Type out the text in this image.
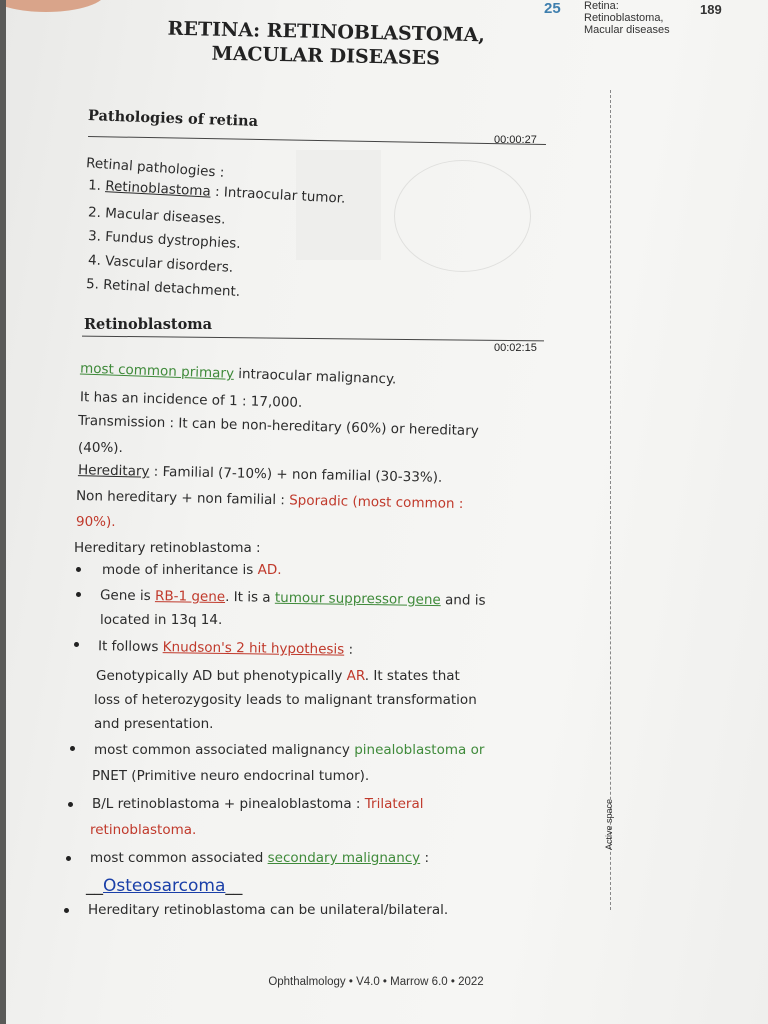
25 Retina:
Retinoblastoma,
Macular diseases
189
RETINA: RETINOBLASTOMA,
MACULAR DISEASES
Pathologies of retina
00:00:27
Retinal pathologies :
1. Retinoblastoma : Intraocular tumor.
2. Macular diseases.
3. Fundus dystrophies.
4. Vascular disorders.
5. Retinal detachment.
Retinoblastoma
00:02:15
most common primary intraocular malignancy.
It has an incidence of 1 : 17,000.
Transmission : It can be non-hereditary (60%) or hereditary
(40%).
Hereditary : Familial (7-10%) + non familial (30-33%).
Non hereditary + non familial : Sporadic (most common :
90%).
Hereditary retinoblastoma :
mode of inheritance is AD.
Gene is RB-1 gene. It is a tumour suppressor gene and is
located in 13q 14.
It follows Knudson's 2 hit hypothesis :
Genotypically AD but phenotypically AR. It states that
loss of heterozygosity leads to malignant transformation
and presentation.
most common associated malignancy pinealoblastoma or
PNET (Primitive neuro endocrinal tumor).
B/L retinoblastoma + pinealoblastoma : Trilateral
retinoblastoma.
most common associated secondary malignancy :
__Osteosarcoma__
Hereditary retinoblastoma can be unilateral/bilateral.
Active space
Ophthalmology • V4.0 • Marrow 6.0 • 2022
